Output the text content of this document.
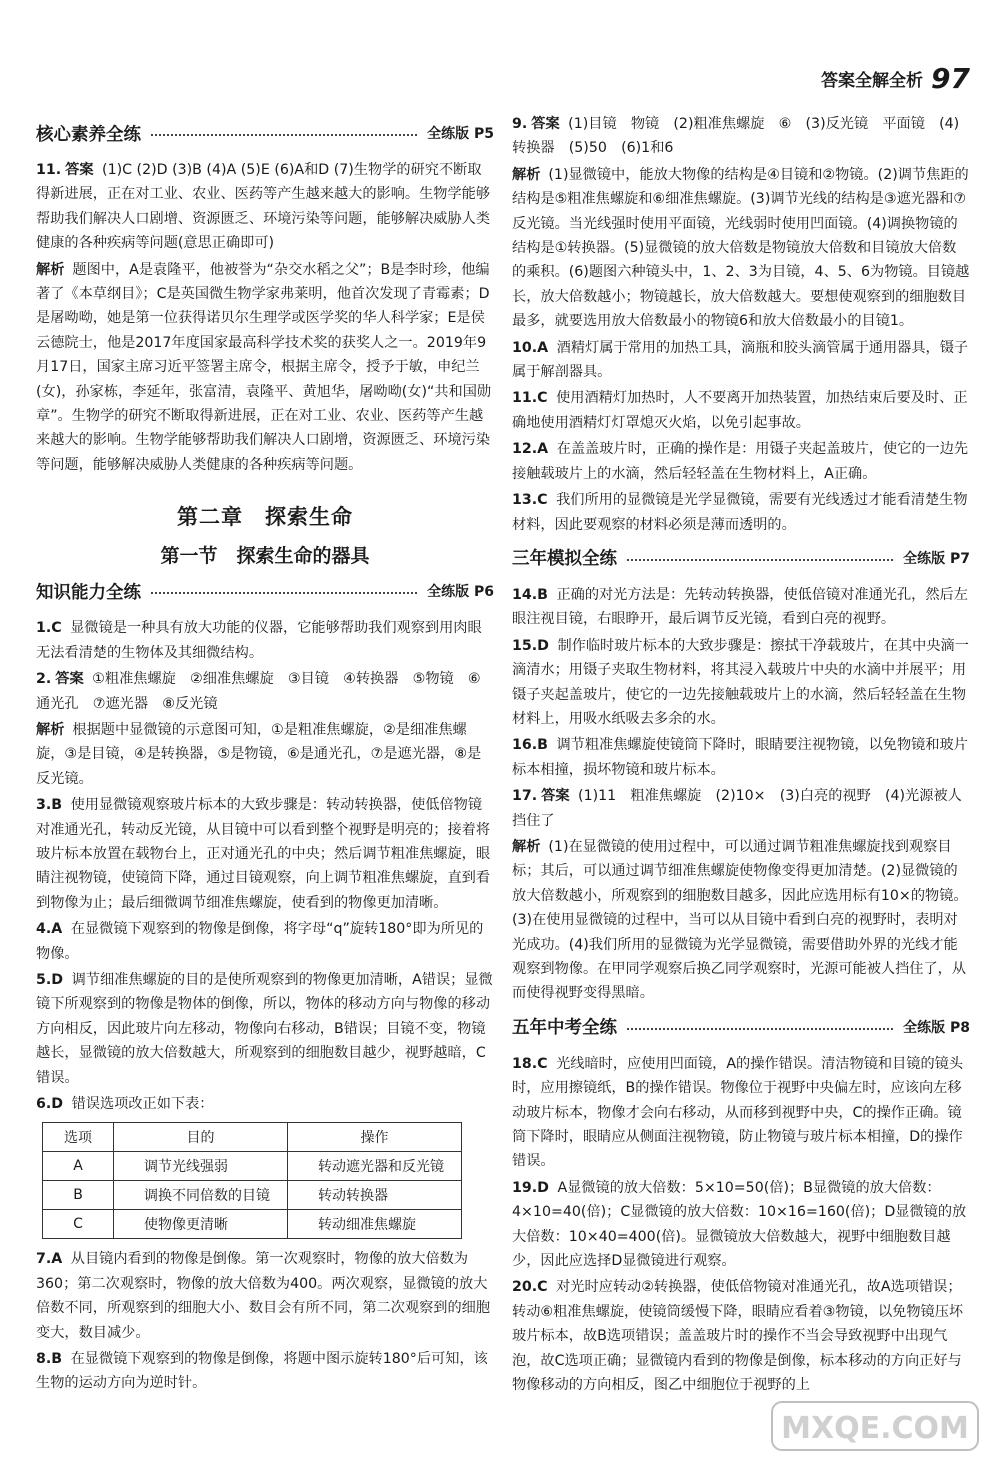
答案全解全析 97
核心素养全练	全练版 P5
11. 答案 (1)C (2)D (3)B (4)A (5)E (6)A和D (7)生物学的研究不断取得新进展，正在对工业、农业、医药等产生越来越大的影响。生物学能够帮助我们解决人口剧增、资源匮乏、环境污染等问题，能够解决威胁人类健康的各种疾病等问题(意思正确即可)
解析 题图中，A是袁隆平，他被誉为“杂交水稻之父”；B是李时珍，他编著了《本草纲目》；C是英国微生物学家弗莱明，他首次发现了青霉素；D是屠呦呦，她是第一位获得诺贝尔生理学或医学奖的华人科学家；E是侯云德院士，他是2017年度国家最高科学技术奖的获奖人之一。2019年9月17日，国家主席习近平签署主席令，根据主席令，授予于敏，申纪兰(女)，孙家栋，李延年，张富清，袁隆平、黄旭华，屠呦呦(女)“共和国勋章”。生物学的研究不断取得新进展，正在对工业、农业、医药等产生越来越大的影响。生物学能够帮助我们解决人口剧增，资源匮乏、环境污染等问题，能够解决威胁人类健康的各种疾病等问题。
第二章　探索生命
第一节　探索生命的器具
知识能力全练	全练版 P6
1.C 显微镜是一种具有放大功能的仪器，它能够帮助我们观察到用肉眼无法看清楚的生物体及其细微结构。
2. 答案 ①粗准焦螺旋　②细准焦螺旋　③目镜　④转换器　⑤物镜　⑥通光孔　⑦遮光器　⑧反光镜
解析 根据题中显微镜的示意图可知，①是粗准焦螺旋，②是细准焦螺旋，③是目镜，④是转换器，⑤是物镜，⑥是通光孔，⑦是遮光器，⑧是反光镜。
3.B 使用显微镜观察玻片标本的大致步骤是：转动转换器，使低倍物镜对准通光孔，转动反光镜，从目镜中可以看到整个视野是明亮的；接着将玻片标本放置在载物台上，正对通光孔的中央；然后调节粗准焦螺旋，眼睛注视物镜，使镜筒下降，通过目镜观察，向上调节粗准焦螺旋，直到看到物像为止；最后细微调节细准焦螺旋，使看到的物像更加清晰。
4.A 在显微镜下观察到的物像是倒像，将字母“q”旋转180°即为所见的物像。
5.D 调节细准焦螺旋的目的是使所观察到的物像更加清晰，A错误；显微镜下所观察到的物像是物体的倒像，所以，物体的移动方向与物像的移动方向相反，因此玻片向左移动，物像向右移动，B错误；目镜不变，物镜越长，显微镜的放大倍数越大，所观察到的细胞数目越少，视野越暗，C错误。
6.D 错误选项改正如下表：
选项	目的	操作
A	调节光线强弱	转动遮光器和反光镜
B	调换不同倍数的目镜	转动转换器
C	使物像更清晰	转动细准焦螺旋
7.A 从目镜内看到的物像是倒像。第一次观察时，物像的放大倍数为360；第二次观察时，物像的放大倍数为400。两次观察，显微镜的放大倍数不同，所观察到的细胞大小、数目会有所不同，第二次观察到的细胞变大，数目减少。
8.B 在显微镜下观察到的物像是倒像，将题中图示旋转180°后可知，该生物的运动方向为逆时针。
9. 答案 (1)目镜　物镜　(2)粗准焦螺旋　⑥　(3)反光镜　平面镜　(4)转换器　(5)50　(6)1和6
解析 (1)显微镜中，能放大物像的结构是④目镜和②物镜。(2)调节焦距的结构是⑤粗准焦螺旋和⑥细准焦螺旋。(3)调节光线的结构是③遮光器和⑦反光镜。当光线强时使用平面镜，光线弱时使用凹面镜。(4)调换物镜的结构是①转换器。(5)显微镜的放大倍数是物镜放大倍数和目镜放大倍数的乘积。(6)题图六种镜头中，1、2、3为目镜，4、5、6为物镜。目镜越长，放大倍数越小；物镜越长，放大倍数越大。要想使观察到的细胞数目最多，就要选用放大倍数最小的物镜6和放大倍数最小的目镜1。
10.A 酒精灯属于常用的加热工具，滴瓶和胶头滴管属于通用器具，镊子属于解剖器具。
11.C 使用酒精灯加热时，人不要离开加热装置，加热结束后要及时、正确地使用酒精灯灯罩熄灭火焰，以免引起事故。
12.A 在盖盖玻片时，正确的操作是：用镊子夹起盖玻片，使它的一边先接触载玻片上的水滴，然后轻轻盖在生物材料上，A正确。
13.C 我们所用的显微镜是光学显微镜，需要有光线透过才能看清楚生物材料，因此要观察的材料必须是薄而透明的。
三年模拟全练	全练版 P7
14.B 正确的对光方法是：先转动转换器，使低倍镜对准通光孔，然后左眼注视目镜，右眼睁开，最后调节反光镜，看到白亮的视野。
15.D 制作临时玻片标本的大致步骤是：擦拭干净载玻片，在其中央滴一滴清水；用镊子夹取生物材料，将其浸入载玻片中央的水滴中并展平；用镊子夹起盖玻片，使它的一边先接触载玻片上的水滴，然后轻轻盖在生物材料上，用吸水纸吸去多余的水。
16.B 调节粗准焦螺旋使镜筒下降时，眼睛要注视物镜，以免物镜和玻片标本相撞，损坏物镜和玻片标本。
17. 答案 (1)11　粗准焦螺旋　(2)10×　(3)白亮的视野　(4)光源被人挡住了
解析 (1)在显微镜的使用过程中，可以通过调节粗准焦螺旋找到观察目标；其后，可以通过调节细准焦螺旋使物像变得更加清楚。(2)显微镜的放大倍数越小，所观察到的细胞数目越多，因此应选用标有10×的物镜。(3)在使用显微镜的过程中，当可以从目镜中看到白亮的视野时，表明对光成功。(4)我们所用的显微镜为光学显微镜，需要借助外界的光线才能观察到物像。在甲同学观察后换乙同学观察时，光源可能被人挡住了，从而使得视野变得黑暗。
五年中考全练	全练版 P8
18.C 光线暗时，应使用凹面镜，A的操作错误。清洁物镜和目镜的镜头时，应用擦镜纸，B的操作错误。物像位于视野中央偏左时，应该向左移动玻片标本，物像才会向右移动，从而移到视野中央，C的操作正确。镜筒下降时，眼睛应从侧面注视物镜，防止物镜与玻片标本相撞，D的操作错误。
19.D A显微镜的放大倍数：5×10=50(倍)；B显微镜的放大倍数：4×10=40(倍)；C显微镜的放大倍数：10×16=160(倍)；D显微镜的放大倍数：10×40=400(倍)。显微镜放大倍数越大，视野中细胞数目越少，因此应选择D显微镜进行观察。
20.C 对光时应转动②转换器，使低倍物镜对准通光孔，故A选项错误；转动⑥粗准焦螺旋，使镜筒缓慢下降，眼睛应看着③物镜，以免物镜压坏玻片标本，故B选项错误；盖盖玻片时的操作不当会导致视野中出现气泡，故C选项正确；显微镜内看到的物像是倒像，标本移动的方向正好与物像移动的方向相反，图乙中细胞位于视野的上
MXQE.COM
